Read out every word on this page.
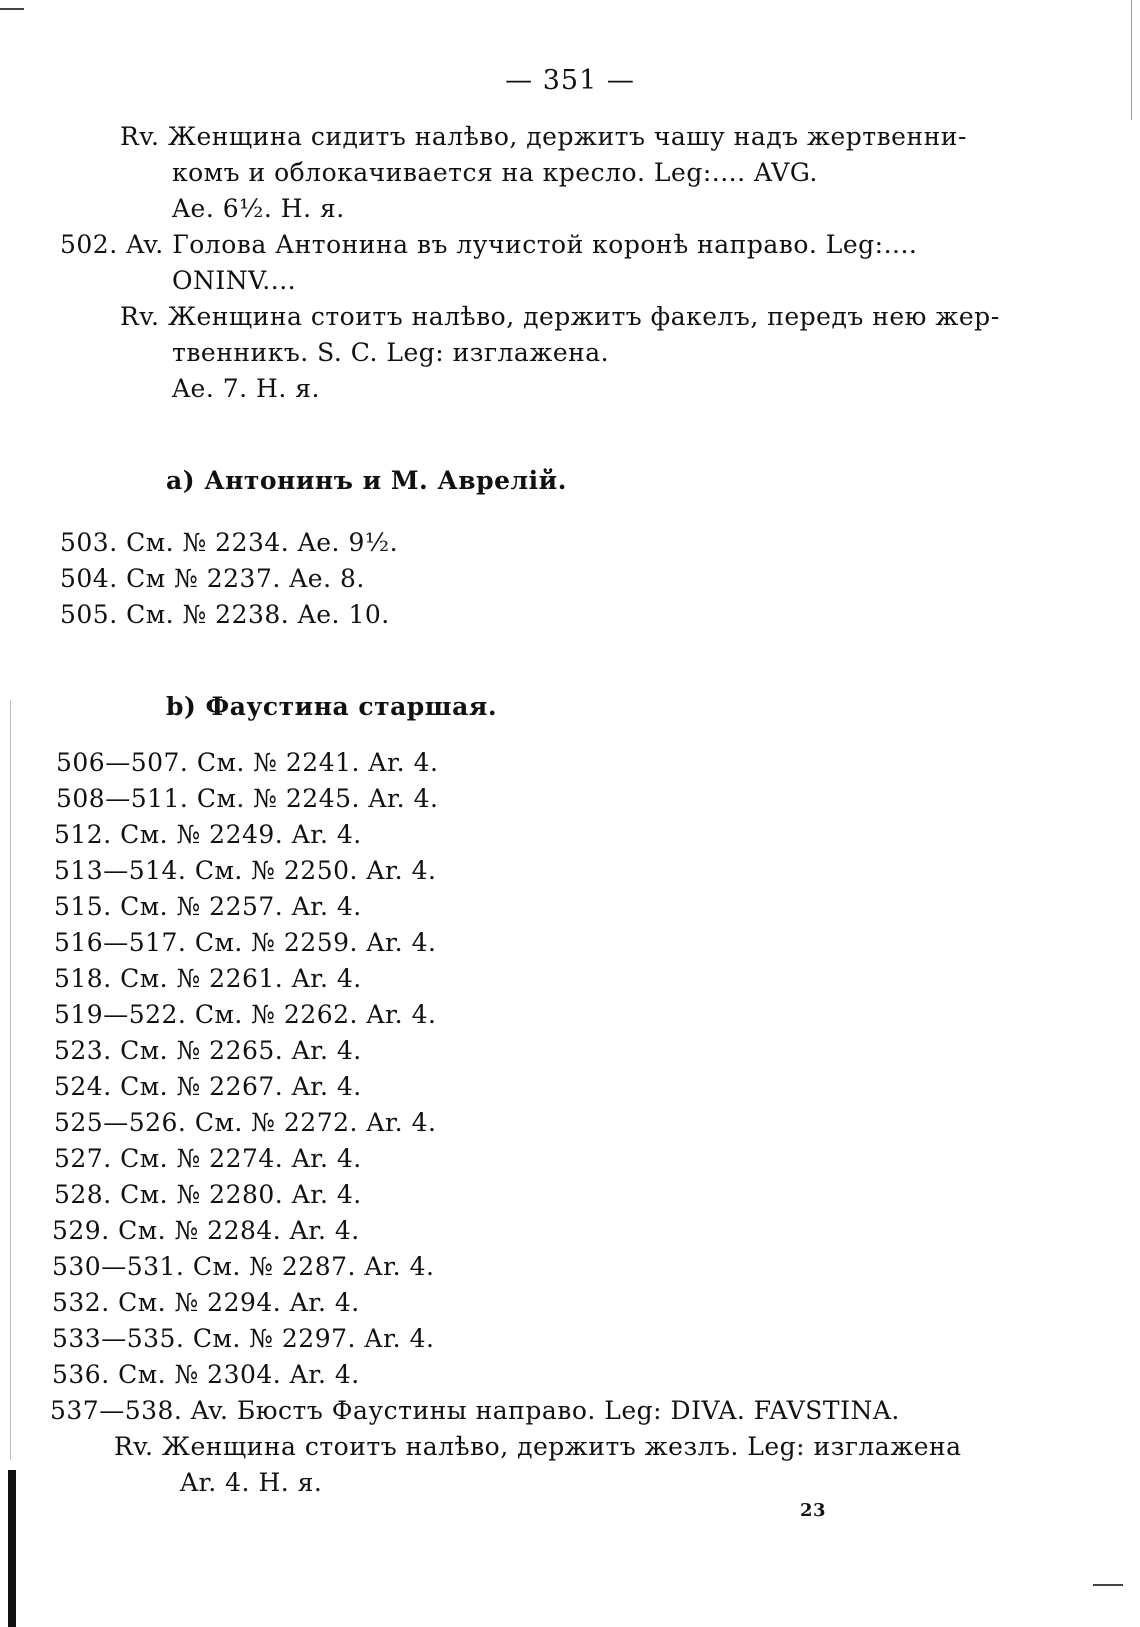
— 351 —
Rv. Женщина сидитъ налѣво, держитъ чашу надъ жертвенни-
комъ и облокачивается на кресло. Leg:.... AVG.
Ae. 6½. H. я.
502. Av. Голова Антонина въ лучистой коронѣ направо. Leg:....
ONINV....
Rv. Женщина стоитъ налѣво, держитъ факелъ, передъ нею жер-
твенникъ. S. C. Leg: изглажена.
Ae. 7. H. я.
а) Антонинъ и М. Аврелій.
503. См. № 2234. Ae. 9½.
504. См № 2237. Ae. 8.
505. См. № 2238. Ae. 10.
b) Фаустина старшая.
506—507. См. № 2241. Ar. 4.
508—511. См. № 2245. Ar. 4.
512. См. № 2249. Ar. 4.
513—514. См. № 2250. Ar. 4.
515. См. № 2257. Ar. 4.
516—517. См. № 2259. Ar. 4.
518. См. № 2261. Ar. 4.
519—522. См. № 2262. Ar. 4.
523. См. № 2265. Ar. 4.
524. См. № 2267. Ar. 4.
525—526. См. № 2272. Ar. 4.
527. См. № 2274. Ar. 4.
528. См. № 2280. Ar. 4.
529. См. № 2284. Ar. 4.
530—531. См. № 2287. Ar. 4.
532. См. № 2294. Ar. 4.
533—535. См. № 2297. Ar. 4.
536. См. № 2304. Ar. 4.
537—538. Av. Бюстъ Фаустины направо. Leg: DIVA. FAVSTINA.
Rv. Женщина стоитъ налѣво, держитъ жезлъ. Leg: изглажена
Ar. 4. H. я.
23
